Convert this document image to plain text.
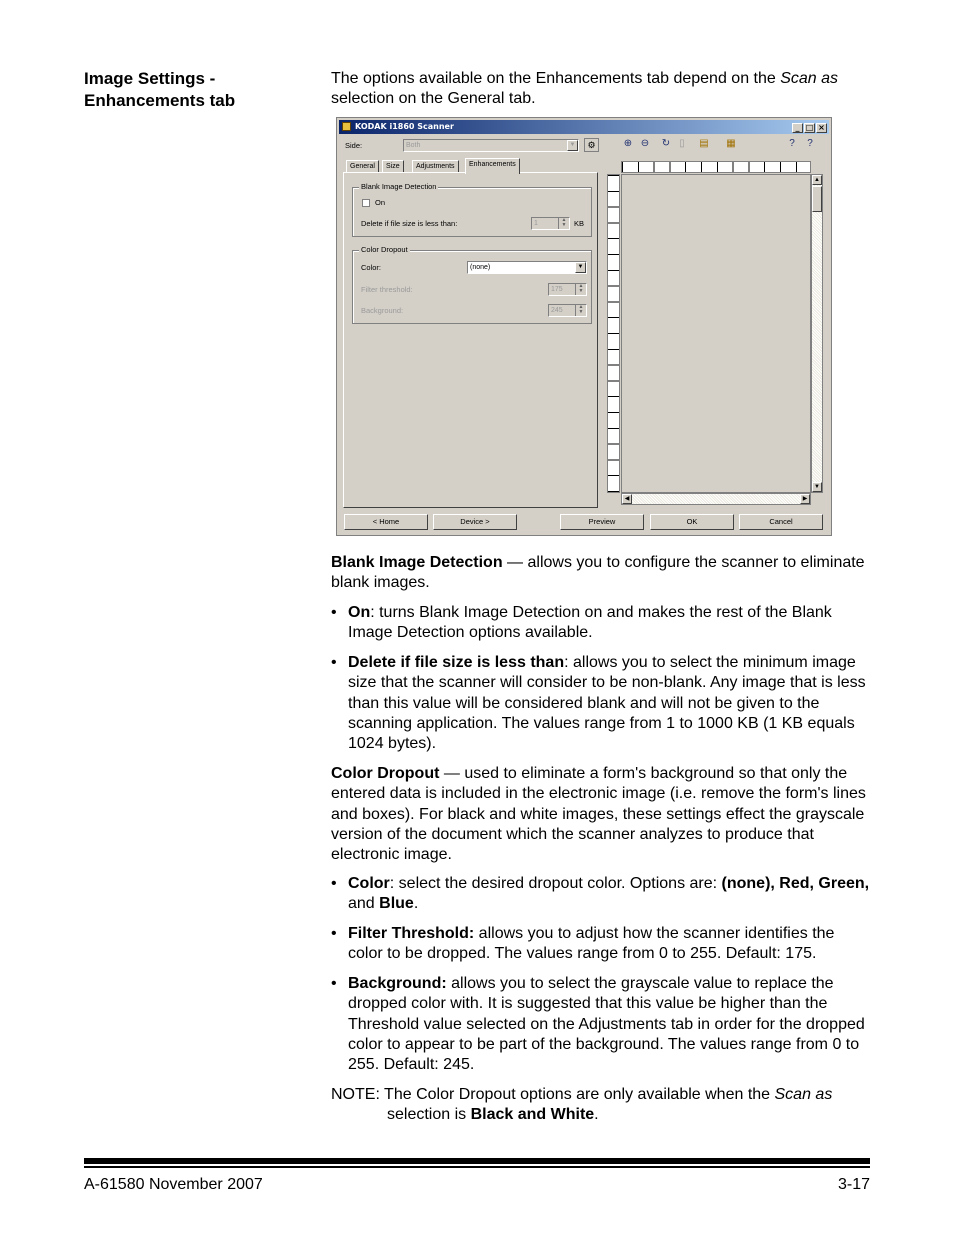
Image Settings -
Enhancements tab
The options available on the Enhancements tab depend on the Scan as
selection on the General tab.
KODAK i1860 Scanner	_ □ ×
Side:	Both	▼	⚙	⊕ ⊖ ↻ ▯	▤ ▦	?	?
General	Size	Adjustments	Enhancements
Blank Image Detection
On
Delete if file size is less than:	1	▲
▼	KB
Color Dropout
Color:	(none)	▼
Filter threshold:	175	▲
▼
Background:	245	▲
▼
▲
▼
◀	▶
< Home	Device >	Preview	OK	Cancel
Blank Image Detection — allows you to configure the scanner to eliminate blank images.
• On: turns Blank Image Detection on and makes the rest of the Blank Image Detection options available.
• Delete if file size is less than: allows you to select the minimum image size that the scanner will consider to be non-blank. Any image that is less than this value will be considered blank and will not be given to the scanning application. The values range from 1 to 1000 KB (1 KB equals 1024 bytes).
Color Dropout — used to eliminate a form's background so that only the entered data is included in the electronic image (i.e. remove the form's lines and boxes). For black and white images, these settings effect the grayscale version of the document which the scanner analyzes to produce that electronic image.
• Color: select the desired dropout color. Options are: (none), Red, Green, and Blue.
• Filter Threshold: allows you to adjust how the scanner identifies the color to be dropped. The values range from 0 to 255. Default: 175.
• Background: allows you to select the grayscale value to replace the dropped color with. It is suggested that this value be higher than the Threshold value selected on the Adjustments tab in order for the dropped color to appear to be part of the background. The values range from 0 to 255. Default: 245.
NOTE: The Color Dropout options are only available when the Scan as
selection is Black and White.
A-61580 November 2007	3-17
